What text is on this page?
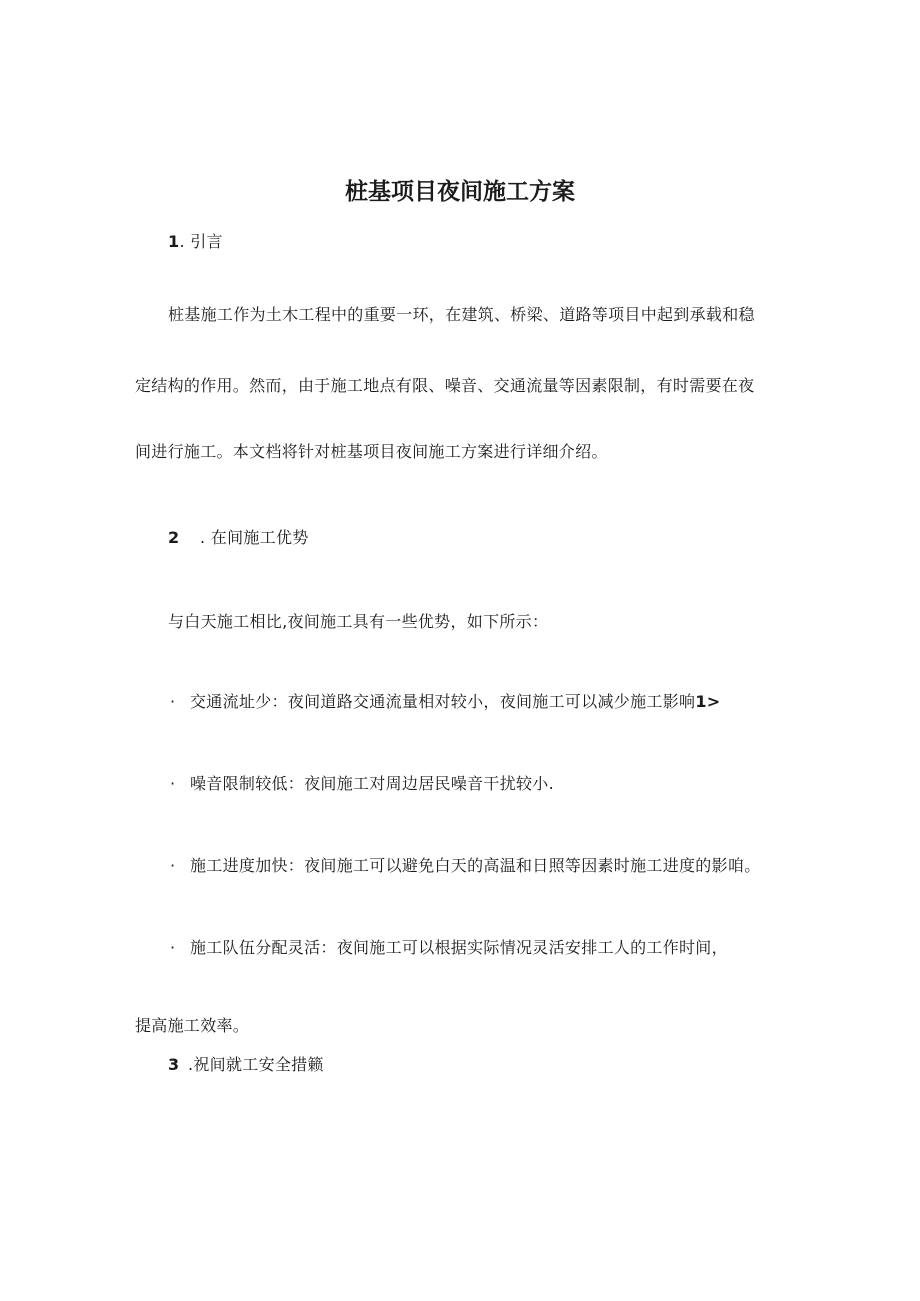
桩基项目夜间施工方案
1. 引言
桩基施工作为土木工程中的重要一环，在建筑、桥梁、道路等项目中起到承载和稳
定结构的作用。然而，由于施工地点有限、噪音、交通流量等因素限制，有时需要在夜
间进行施工。本文档将针对桩基项目夜间施工方案进行详细介绍。
2 . 在间施工优势
与白天施工相比,夜间施工具有一些优势，如下所示：
· 交通流址少：夜间道路交通流量相对较小，夜间施工可以减少施工影响1>
· 噪音限制较低：夜间施工对周边居民噪音干扰较小.
· 施工进度加快：夜间施工可以避免白天的高温和日照等因素时施工进度的影咱。
· 施工队伍分配灵活：夜间施工可以根据实际情况灵活安排工人的工作时间，
提高施工效率。
3 .祝间就工安全措籁
